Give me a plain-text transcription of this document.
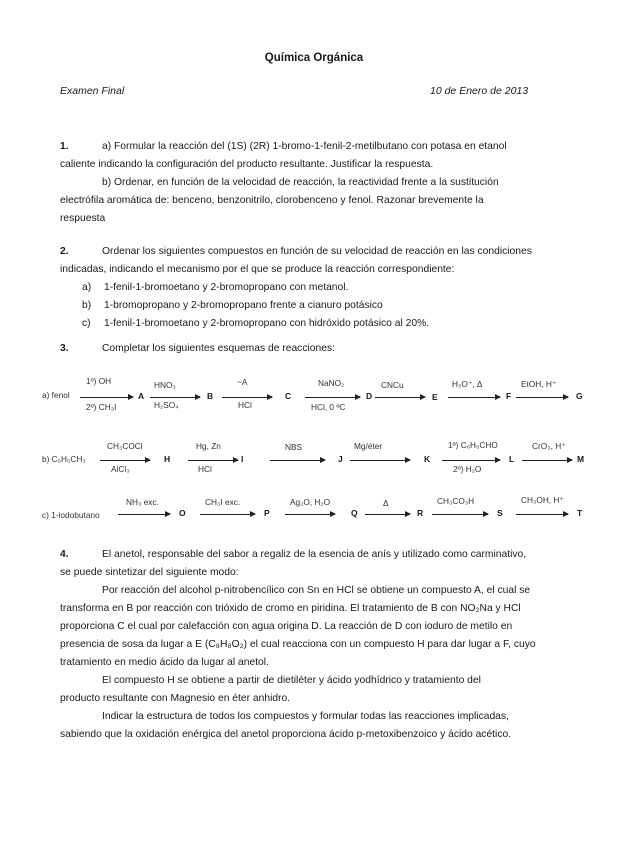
Química Orgánica
Examen Final	10 de Enero de 2013
1.	a) Formular la reacción del (1S) (2R) 1-bromo-1-fenil-2-metilbutano con potasa en etanol
caliente indicando la configuración del producto resultante. Justificar la respuesta.
b) Ordenar, en función de la velocidad de reacción, la reactividad frente a la sustitución
electrófila aromática de: benceno, benzonitrilo, clorobenceno y fenol. Razonar brevemente la
respuesta
2.	Ordenar los siguientes compuestos en función de su velocidad de reacción en las condiciones
indicadas, indicando el mecanismo por el que se produce la reacción correspondiente:
a) 1-fenil-1-bromoetano y 2-bromopropano con metanol.
b) 1-bromopropano y 2-bromopropano frente a cianuro potásico
c) 1-fenil-1-bromoetano y 2-bromopropano con hidróxido potásico al 20%.
3.	Completar los siguientes esquemas de reacciones:
a) fenol
1º) OH
2º) CH₃I
A
HNO₃
H₂SO₄
B
~A
HCl
C
NaNO₂
HCl, 0 ºC
D
CNCu
→ E
H₃O⁺, Δ
→ F
EtOH, H⁺
→ G
b) C₆H₅CH₃
CH₃COCl
AlCl₃
H
Hg, Zn
HCl
I
NBS
→ J
Mg/éter
→ K
1º) C₆H₅CHO
2º) H₂O
L
CrO₃, H⁺
→ M
c) 1-iodobutano
NH₃ exc.
→ O
CH₃I exc.
→ P
Ag₂O, H₂O
→ Q
Δ
→ R
CH₃CO₃H
→ S
CH₃OH, H⁺
→ T
4.	El anetol, responsable del sabor a regaliz de la esencia de anís y utilizado como carminativo,
se puede sintetizar del siguiente modo:
Por reacción del alcohol p-nitrobencílico con Sn en HCl se obtiene un compuesto A, el cual se
transforma en B por reacción con trióxido de cromo en piridina. El tratamiento de B con NO₂Na y HCl
proporciona C el cual por calefacción con agua origina D. La reacción de D con ioduro de metilo en
presencia de sosa da lugar a E (C₈H₈O₂) el cual reacciona con un compuesto H para dar lugar a F, cuyo
tratamiento en medio ácido da lugar al anetol.
El compuesto H se obtiene a partir de dietiléter y ácido yodhídrico y tratamiento del
producto resultante con Magnesio en éter anhidro.
Indicar la estructura de todos los compuestos y formular todas las reacciones implicadas,
sabiendo que la oxidación enérgica del anetol proporciona ácido p-metoxibenzoico y ácido acético.
